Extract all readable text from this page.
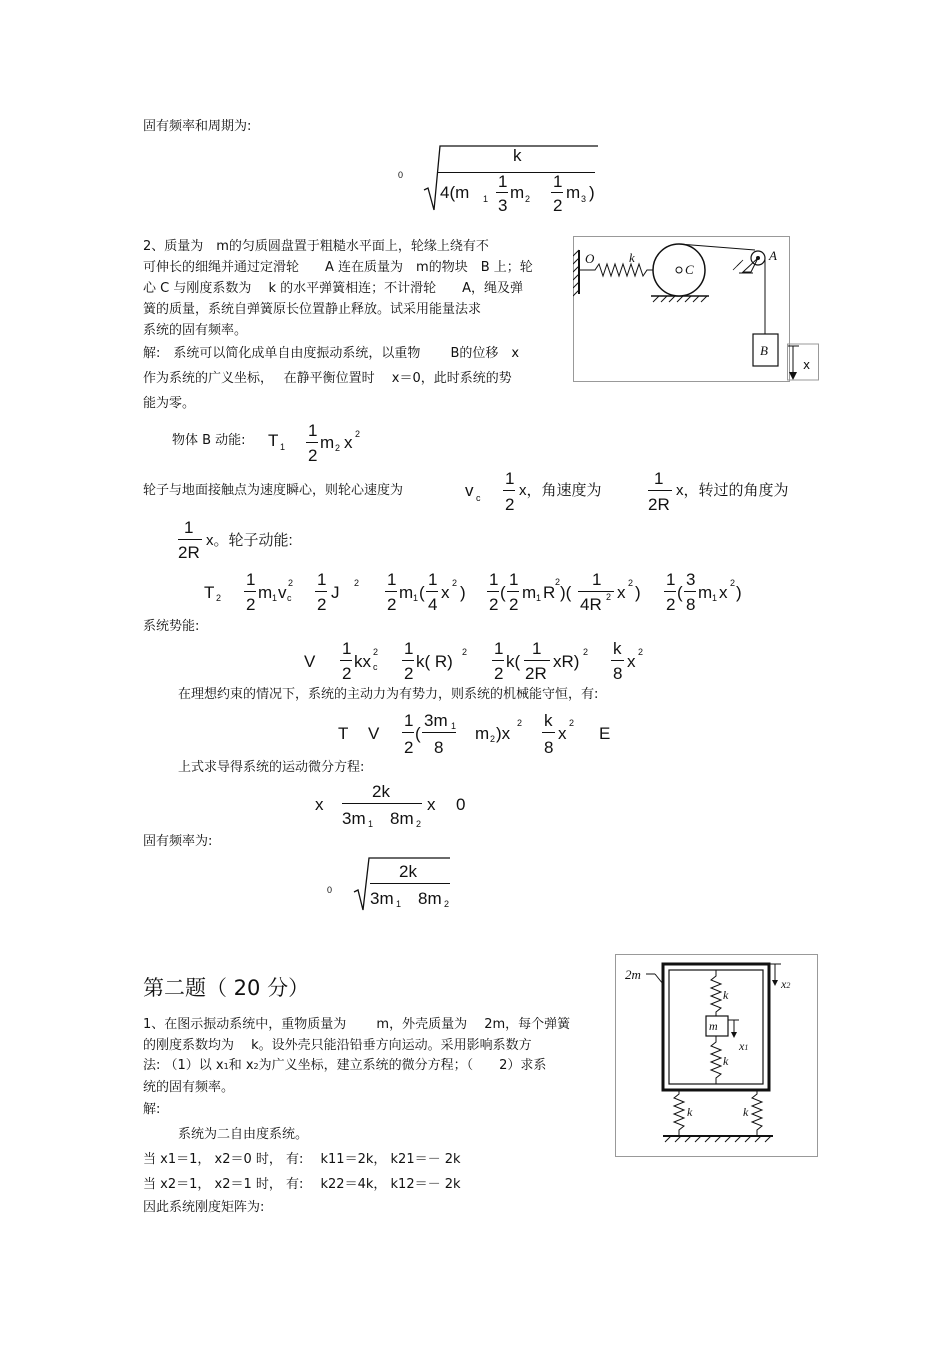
固有频率和周期为:
0
k
4(m 1
1
3
m 2
1
2
m 3 )
2、质量为　m的匀质圆盘置于粗糙水平面上，轮缘上绕有不
可伸长的细绳并通过定滑轮　　A 连在质量为　m的物块　B 上；轮
心 C 与刚度系数为　 k 的水平弹簧相连；不计滑轮　　A，绳及弹
簧的质量，系统自弹簧原长位置静止释放。试采用能量法求
系统的固有频率。
解:　系统可以简化成单自由度振动系统，以重物　　 B的位移　x
作为系统的广义坐标，　 在静平衡位置时　 x＝0，此时系统的势
能为零。
O	k
C
A
B
x
物体 B 动能: T 1
1
2
m 2 x 2
轮子与地面接触点为速度瞬心，则轮心速度为	v c
1
2
x，角速度为
1
2R
x，转过的角度为
1
2R
x。轮子动能:
T 2
1
2
m 1 v c
2 1
2
J 2 1
2
m 1 (
1
4
x 2 )
1
2
(
1
2
m 1 R
2
)(
1
4R 2 x 2 )
1
2
(
3
8
m 1 x 2 )
系统势能:
V
1
2
kx c
2 1
2
k( R) 2 1
2
k(
1
2R
xR) 2 k
8
x 2
在理想约束的情况下，系统的主动力为有势力，则系统的机械能守恒，有:
T V
1
2
(
3m 1
8
m 2 )x
2 k
8
x
2
E
上式求导得系统的运动微分方程:
x
2k
3m 1 8m 2
x 0
固有频率为:
0
2k
3m 1 8m 2
第二题（ 20 分）
1、在图示振动系统中，重物质量为　　 m，外壳质量为　 2m，每个弹簧
的刚度系数均为　 k。设外壳只能沿铅垂方向运动。采用影响系数方
法: （1）以 x1和 x2为广义坐标，建立系统的微分方程；（　　2）求系
统的固有频率。
解:
系统为二自由度系统。
当 x1＝1， x2＝0 时， 有:　 k11＝2k， k21＝－ 2k
当 x2＝1， x2＝1 时， 有:　 k22＝4k， k12＝－ 2k
因此系统刚度矩阵为:
2m
k
m
x1
k
k	k
x2
